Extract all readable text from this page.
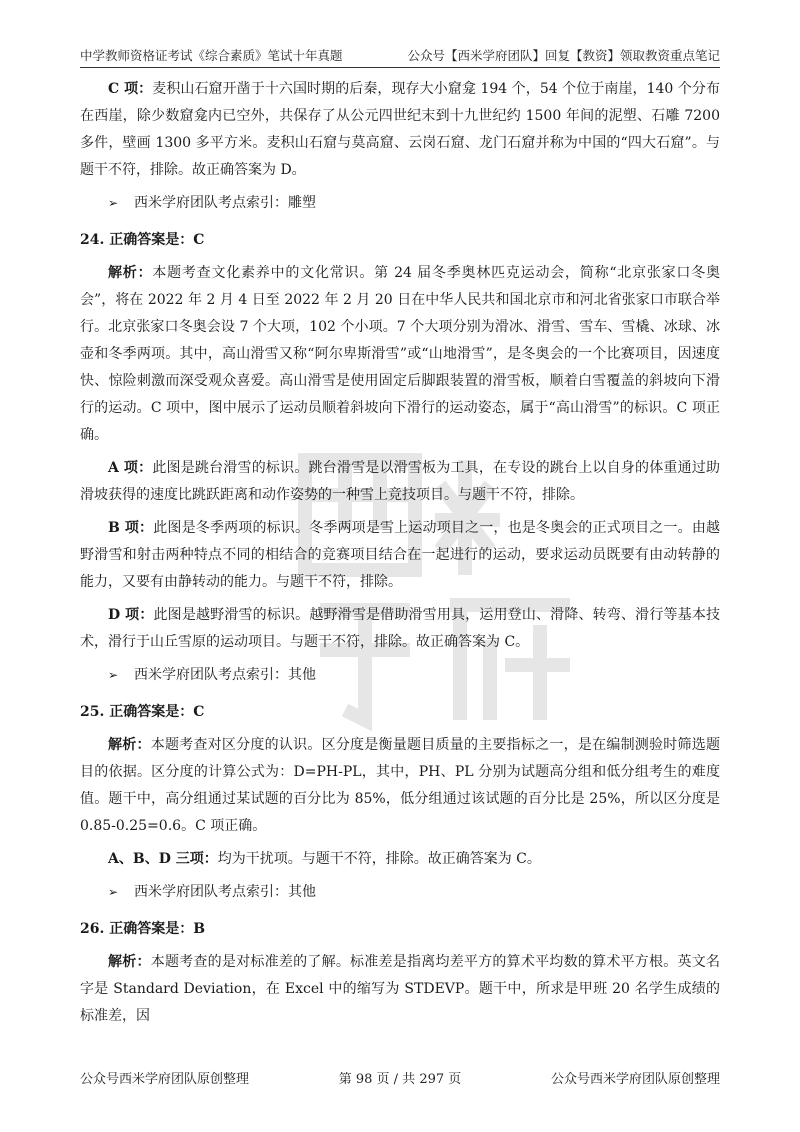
中学教师资格证考试《综合素质》笔试十年真题	公众号【西米学府团队】回复【教资】领取教资重点笔记

C 项：麦积山石窟开凿于十六国时期的后秦，现存大小窟龛 194 个，54 个位于南崖，140 个分布在西崖，除少数窟龛内已空外，共保存了从公元四世纪末到十九世纪约 1500 年间的泥塑、石雕 7200 多件，壁画 1300 多平方米。麦积山石窟与莫高窟、云岗石窟、龙门石窟并称为中国的“四大石窟”。与题干不符，排除。故正确答案为 D。

➢	西米学府团队考点索引：雕塑
24. 正确答案是：C

解析：本题考查文化素养中的文化常识。第 24 届冬季奥林匹克运动会，简称“北京张家口冬奥会”，将在 2022 年 2 月 4 日至 2022 年 2 月 20 日在中华人民共和国北京市和河北省张家口市联合举行。北京张家口冬奥会设 7 个大项，102 个小项。7 个大项分别为滑冰、滑雪、雪车、雪橇、冰球、冰壶和冬季两项。其中，高山滑雪又称“阿尔卑斯滑雪”或“山地滑雪”，是冬奥会的一个比赛项目，因速度快、惊险刺激而深受观众喜爱。高山滑雪是使用固定后脚跟装置的滑雪板，顺着白雪覆盖的斜坡向下滑行的运动。C 项中，图中展示了运动员顺着斜坡向下滑行的运动姿态，属于“高山滑雪”的标识。C 项正确。

A 项：此图是跳台滑雪的标识。跳台滑雪是以滑雪板为工具，在专设的跳台上以自身的体重通过助滑坡获得的速度比跳跃距离和动作姿势的一种雪上竞技项目。与题干不符，排除。

B 项：此图是冬季两项的标识。冬季两项是雪上运动项目之一，也是冬奥会的正式项目之一。由越野滑雪和射击两种特点不同的相结合的竞赛项目结合在一起进行的运动，要求运动员既要有由动转静的能力，又要有由静转动的能力。与题干不符，排除。

D 项：此图是越野滑雪的标识。越野滑雪是借助滑雪用具，运用登山、滑降、转弯、滑行等基本技术，滑行于山丘雪原的运动项目。与题干不符，排除。故正确答案为 C。

➢	西米学府团队考点索引：其他
25. 正确答案是：C

解析：本题考查对区分度的认识。区分度是衡量题目质量的主要指标之一，是在编制测验时筛选题目的依据。区分度的计算公式为：D=PH-PL，其中，PH、PL 分别为试题高分组和低分组考生的难度值。题干中，高分组通过某试题的百分比为 85%，低分组通过该试题的百分比是 25%，所以区分度是 0.85-0.25=0.6。C 项正确。

A、B、D 三项：均为干扰项。与题干不符，排除。故正确答案为 C。

➢	西米学府团队考点索引：其他
26. 正确答案是：B

解析：本题考查的是对标准差的了解。标准差是指离均差平方的算术平均数的算术平方根。英文名字是 Standard Deviation，在 Excel 中的缩写为 STDEVP。题干中，所求是甲班 20 名学生成绩的标准差，因

公众号西米学府团队原创整理	第 98 页 / 共 297 页	公众号西米学府团队原创整理
